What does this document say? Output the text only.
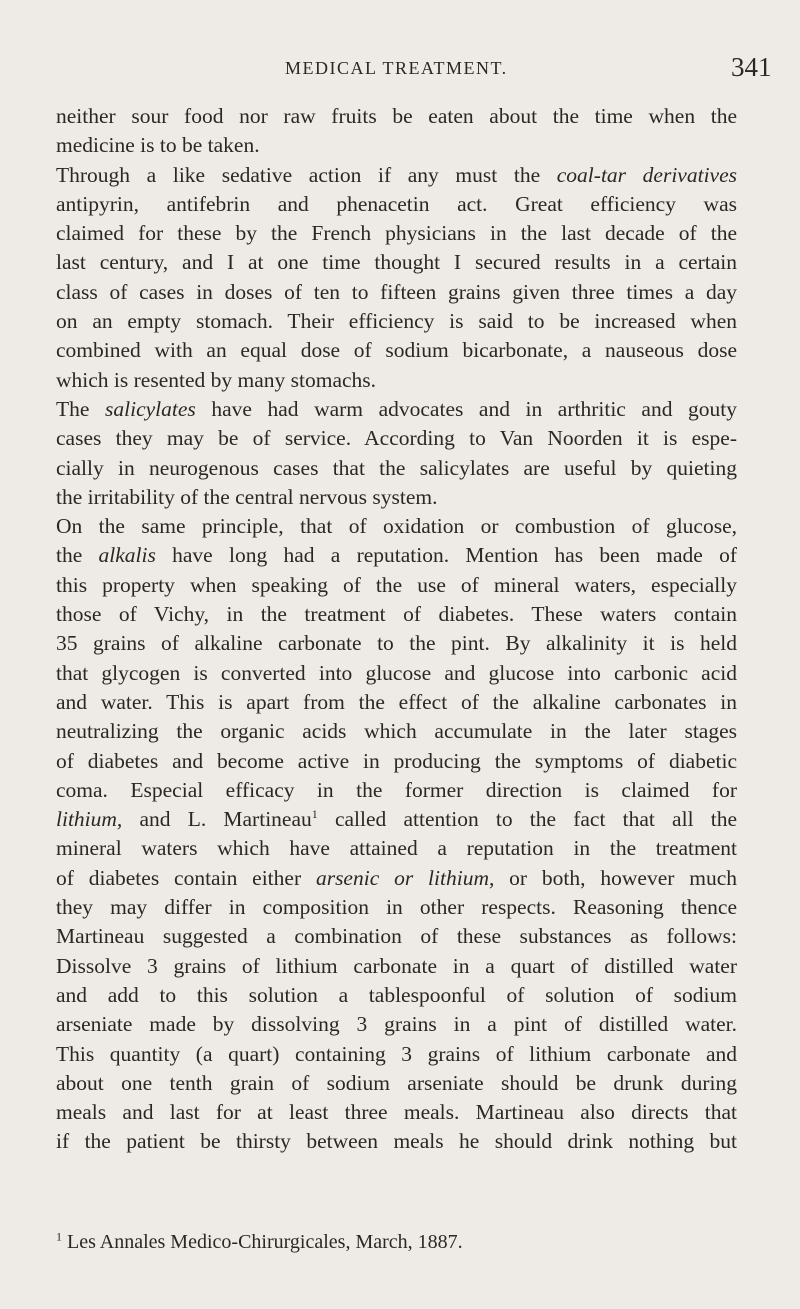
MEDICAL TREATMENT.	341
neither sour food nor raw fruits be eaten about the time when the
medicine is to be taken.
Through a like sedative action if any must the coal-tar derivatives
antipyrin, antifebrin and phenacetin act. Great efficiency was
claimed for these by the French physicians in the last decade of the
last century, and I at one time thought I secured results in a certain
class of cases in doses of ten to fifteen grains given three times a day
on an empty stomach. Their efficiency is said to be increased when
combined with an equal dose of sodium bicarbonate, a nauseous dose
which is resented by many stomachs.
The salicylates have had warm advocates and in arthritic and gouty
cases they may be of service. According to Van Noorden it is espe-
cially in neurogenous cases that the salicylates are useful by quieting
the irritability of the central nervous system.
On the same principle, that of oxidation or combustion of glucose,
the alkalis have long had a reputation. Mention has been made of
this property when speaking of the use of mineral waters, especially
those of Vichy, in the treatment of diabetes. These waters contain
35 grains of alkaline carbonate to the pint. By alkalinity it is held
that glycogen is converted into glucose and glucose into carbonic acid
and water. This is apart from the effect of the alkaline carbonates in
neutralizing the organic acids which accumulate in the later stages
of diabetes and become active in producing the symptoms of diabetic
coma. Especial efficacy in the former direction is claimed for
lithium, and L. Martineau$^1$ called attention to the fact that all the
mineral waters which have attained a reputation in the treatment
of diabetes contain either arsenic or lithium, or both, however much
they may differ in composition in other respects. Reasoning thence
Martineau suggested a combination of these substances as follows:
Dissolve 3 grains of lithium carbonate in a quart of distilled water
and add to this solution a tablespoonful of solution of sodium
arseniate made by dissolving 3 grains in a pint of distilled water.
This quantity (a quart) containing 3 grains of lithium carbonate and
about one tenth grain of sodium arseniate should be drunk during
meals and last for at least three meals. Martineau also directs that
if the patient be thirsty between meals he should drink nothing but
$^1$ Les Annales Medico-Chirurgicales, March, 1887.
